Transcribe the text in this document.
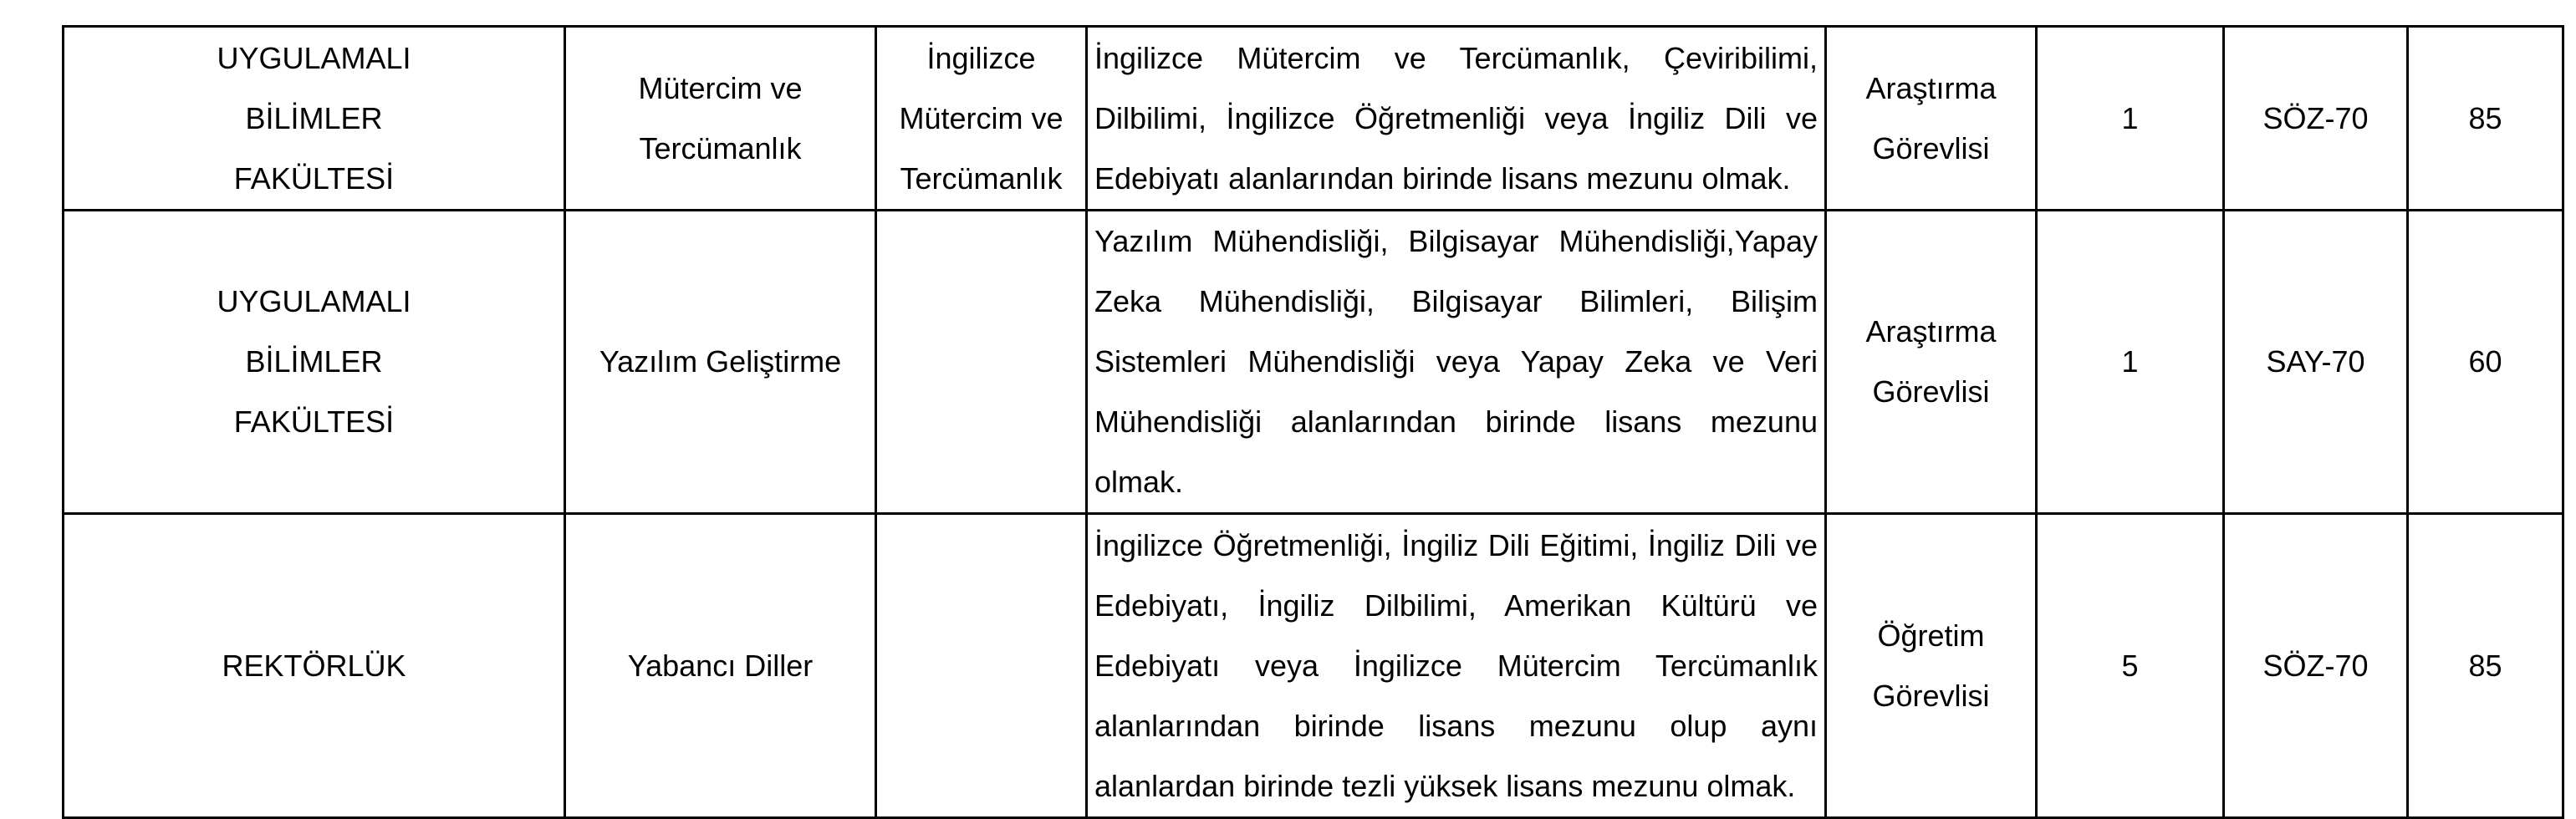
UYGULAMALI BİLİMLER FAKÜLTESİ	Mütercim ve Tercümanlık	İngilizce Mütercim ve Tercümanlık	İngilizce Mütercim ve Tercümanlık, Çeviribilimi, Dilbilimi, İngilizce Öğretmenliği veya İngiliz Dili ve Edebiyatı alanlarından birinde lisans mezunu olmak.	Araştırma Görevlisi	1	SÖZ-70	85
UYGULAMALI BİLİMLER FAKÜLTESİ	Yazılım Geliştirme		Yazılım Mühendisliği, Bilgisayar Mühendisliği,Yapay Zeka Mühendisliği, Bilgisayar Bilimleri, Bilişim Sistemleri Mühendisliği veya Yapay Zeka ve Veri Mühendisliği alanlarından birinde lisans mezunu olmak.	Araştırma Görevlisi	1	SAY-70	60
REKTÖRLÜK	Yabancı Diller		İngilizce Öğretmenliği, İngiliz Dili Eğitimi, İngiliz Dili ve Edebiyatı, İngiliz Dilbilimi, Amerikan Kültürü ve Edebiyatı veya İngilizce Mütercim Tercümanlık alanlarından birinde lisans mezunu olup aynı alanlardan birinde tezli yüksek lisans mezunu olmak.	Öğretim Görevlisi	5	SÖZ-70	85
